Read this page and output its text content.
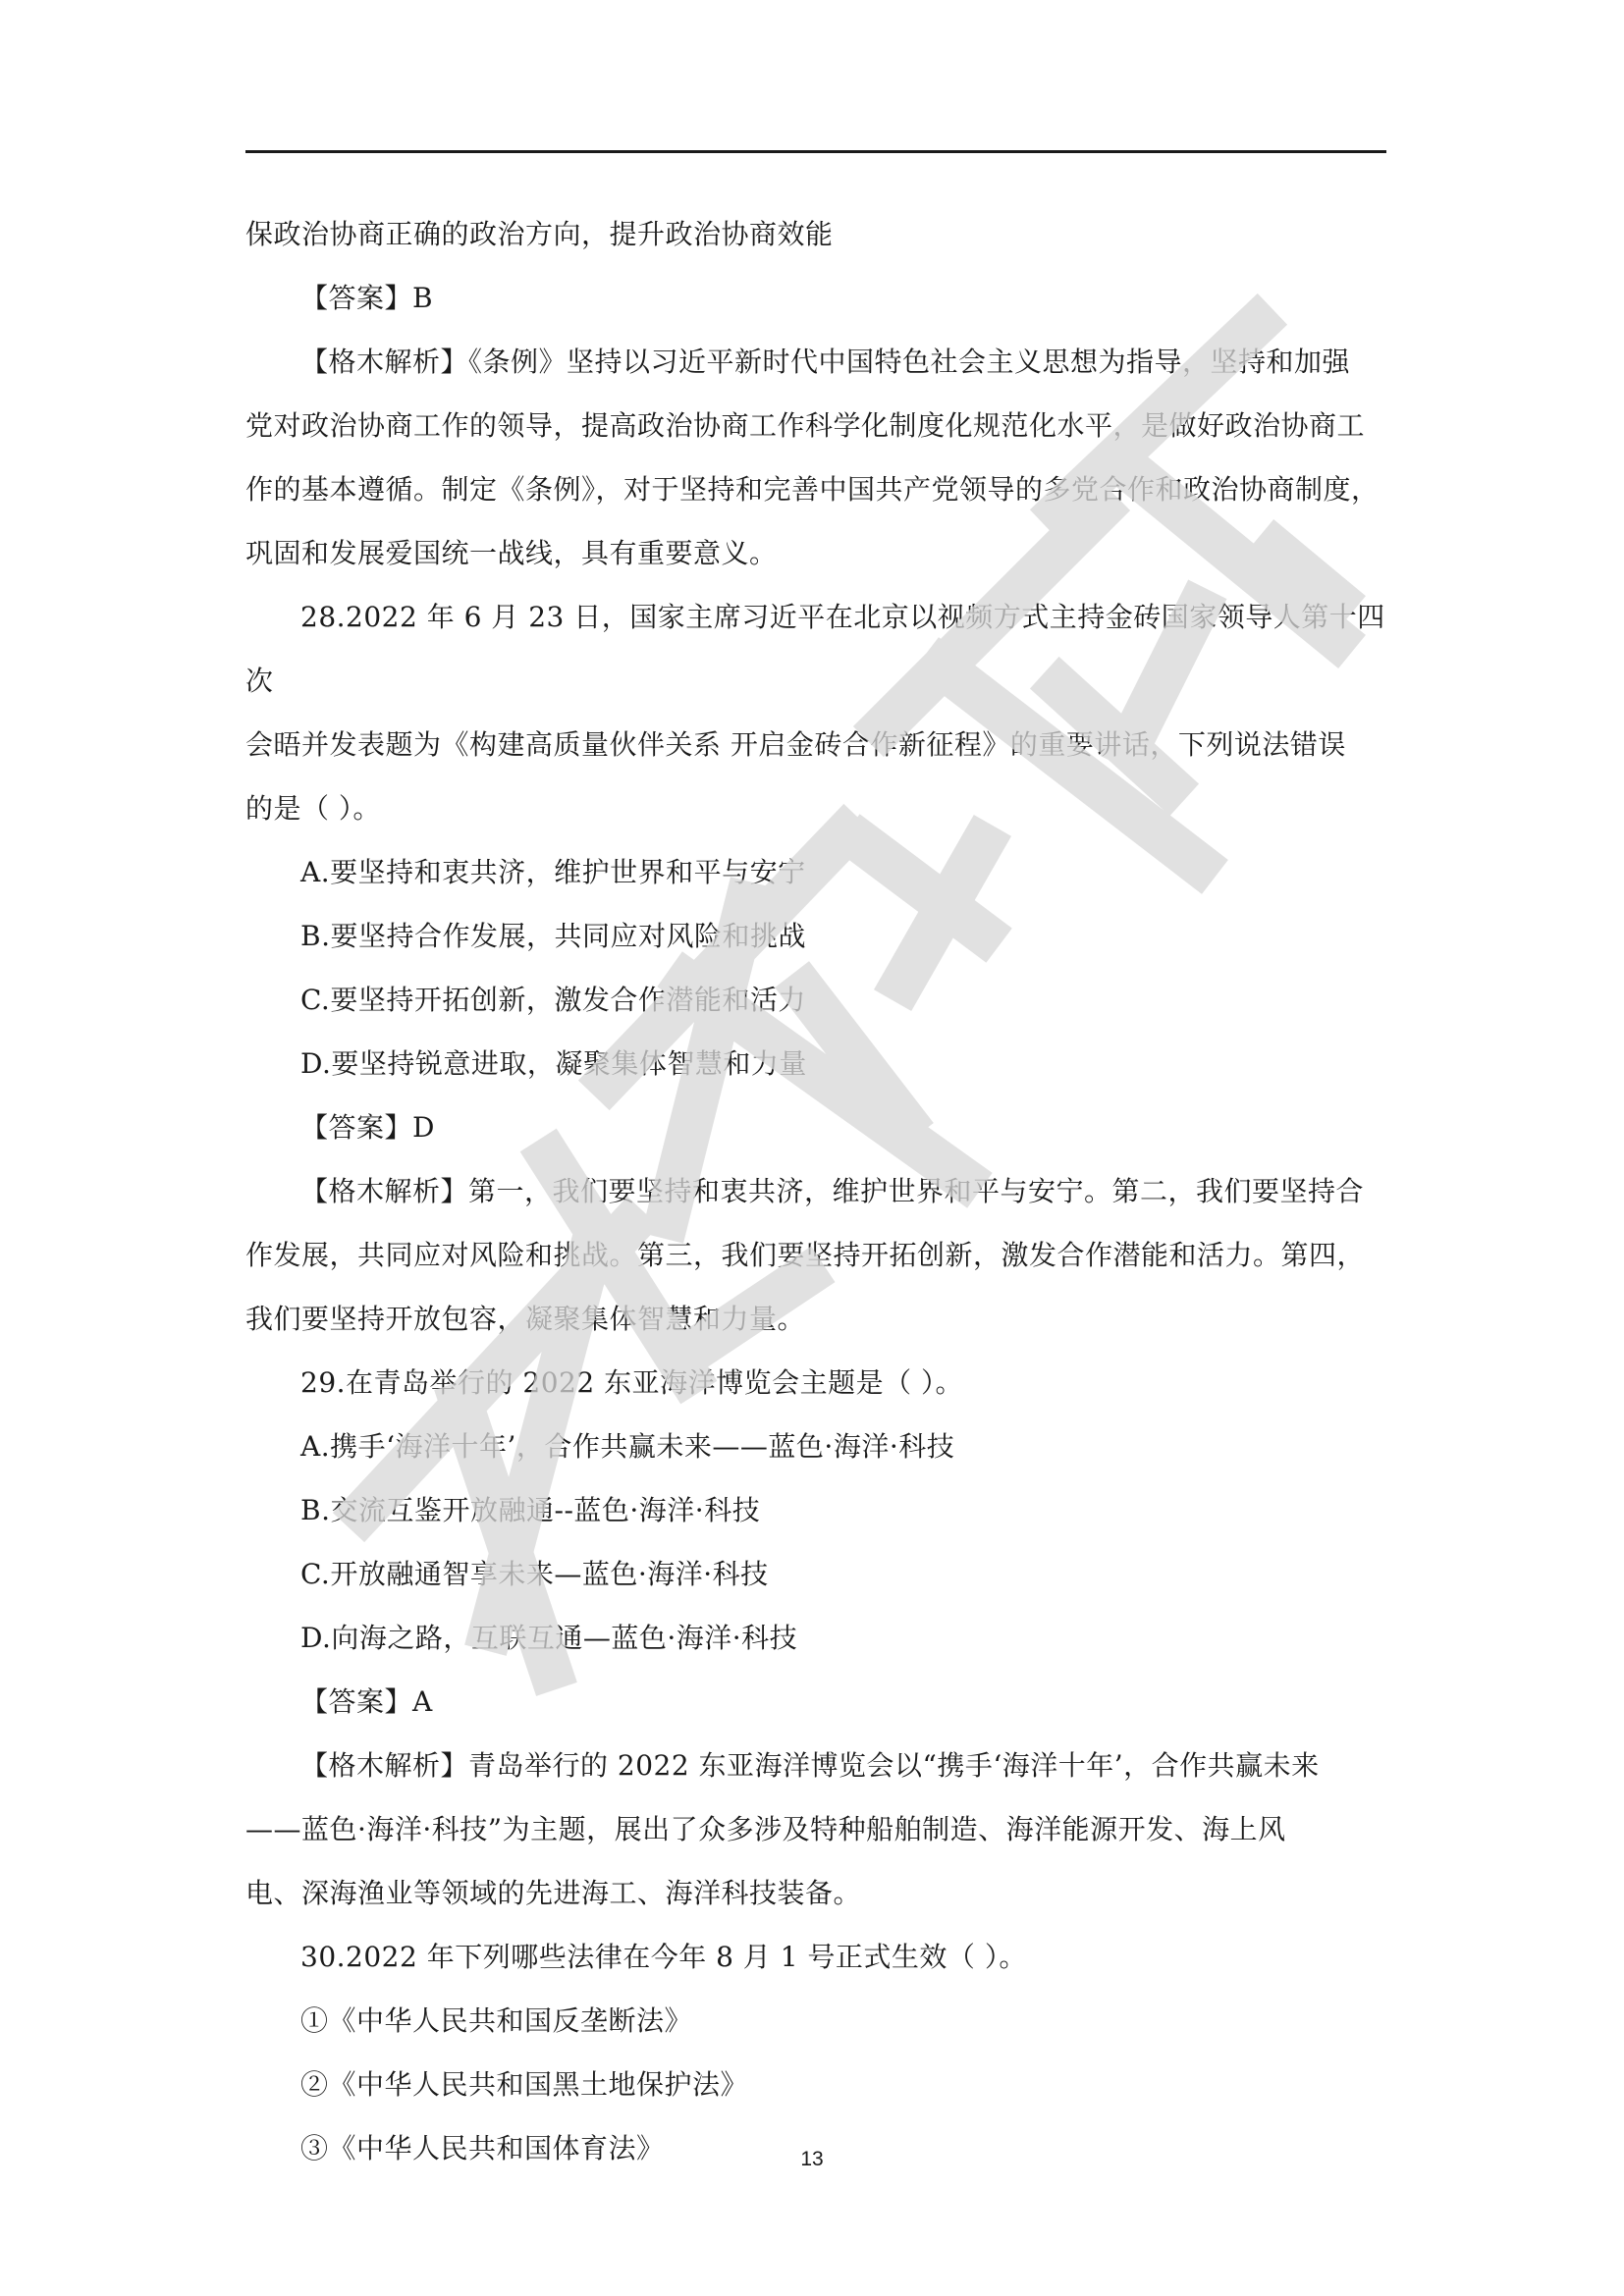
保政治协商正确的政治方向，提升政治协商效能

【答案】B

【格木解析】《条例》坚持以习近平新时代中国特色社会主义思想为指导，坚持和加强

党对政治协商工作的领导，提高政治协商工作科学化制度化规范化水平，是做好政治协商工

作的基本遵循。制定《条例》，对于坚持和完善中国共产党领导的多党合作和政治协商制度，

巩固和发展爱国统一战线，具有重要意义。

28.2022 年 6 月 23 日，国家主席习近平在北京以视频方式主持金砖国家领导人第十四次

会晤并发表题为《构建高质量伙伴关系 开启金砖合作新征程》的重要讲话，下列说法错误

的是（ ）。

A.要坚持和衷共济，维护世界和平与安宁

B.要坚持合作发展，共同应对风险和挑战

C.要坚持开拓创新，激发合作潜能和活力

D.要坚持锐意进取，凝聚集体智慧和力量

【答案】D

【格木解析】第一，我们要坚持和衷共济，维护世界和平与安宁。第二，我们要坚持合

作发展，共同应对风险和挑战。第三，我们要坚持开拓创新，激发合作潜能和活力。第四，

我们要坚持开放包容，凝聚集体智慧和力量。

29.在青岛举行的 2022 东亚海洋博览会主题是（ ）。

A.携手‘海洋十年’，合作共赢未来——蓝色·海洋·科技

B.交流互鉴开放融通--蓝色·海洋·科技

C.开放融通智享未来—蓝色·海洋·科技

D.向海之路，互联互通—蓝色·海洋·科技

【答案】A

【格木解析】青岛举行的 2022 东亚海洋博览会以“携手‘海洋十年’，合作共赢未来

——蓝色·海洋·科技”为主题，展出了众多涉及特种船舶制造、海洋能源开发、海上风

电、深海渔业等领域的先进海工、海洋科技装备。

30.2022 年下列哪些法律在今年 8 月 1 号正式生效（ ）。

①《中华人民共和国反垄断法》

②《中华人民共和国黑土地保护法》

③《中华人民共和国体育法》	13
